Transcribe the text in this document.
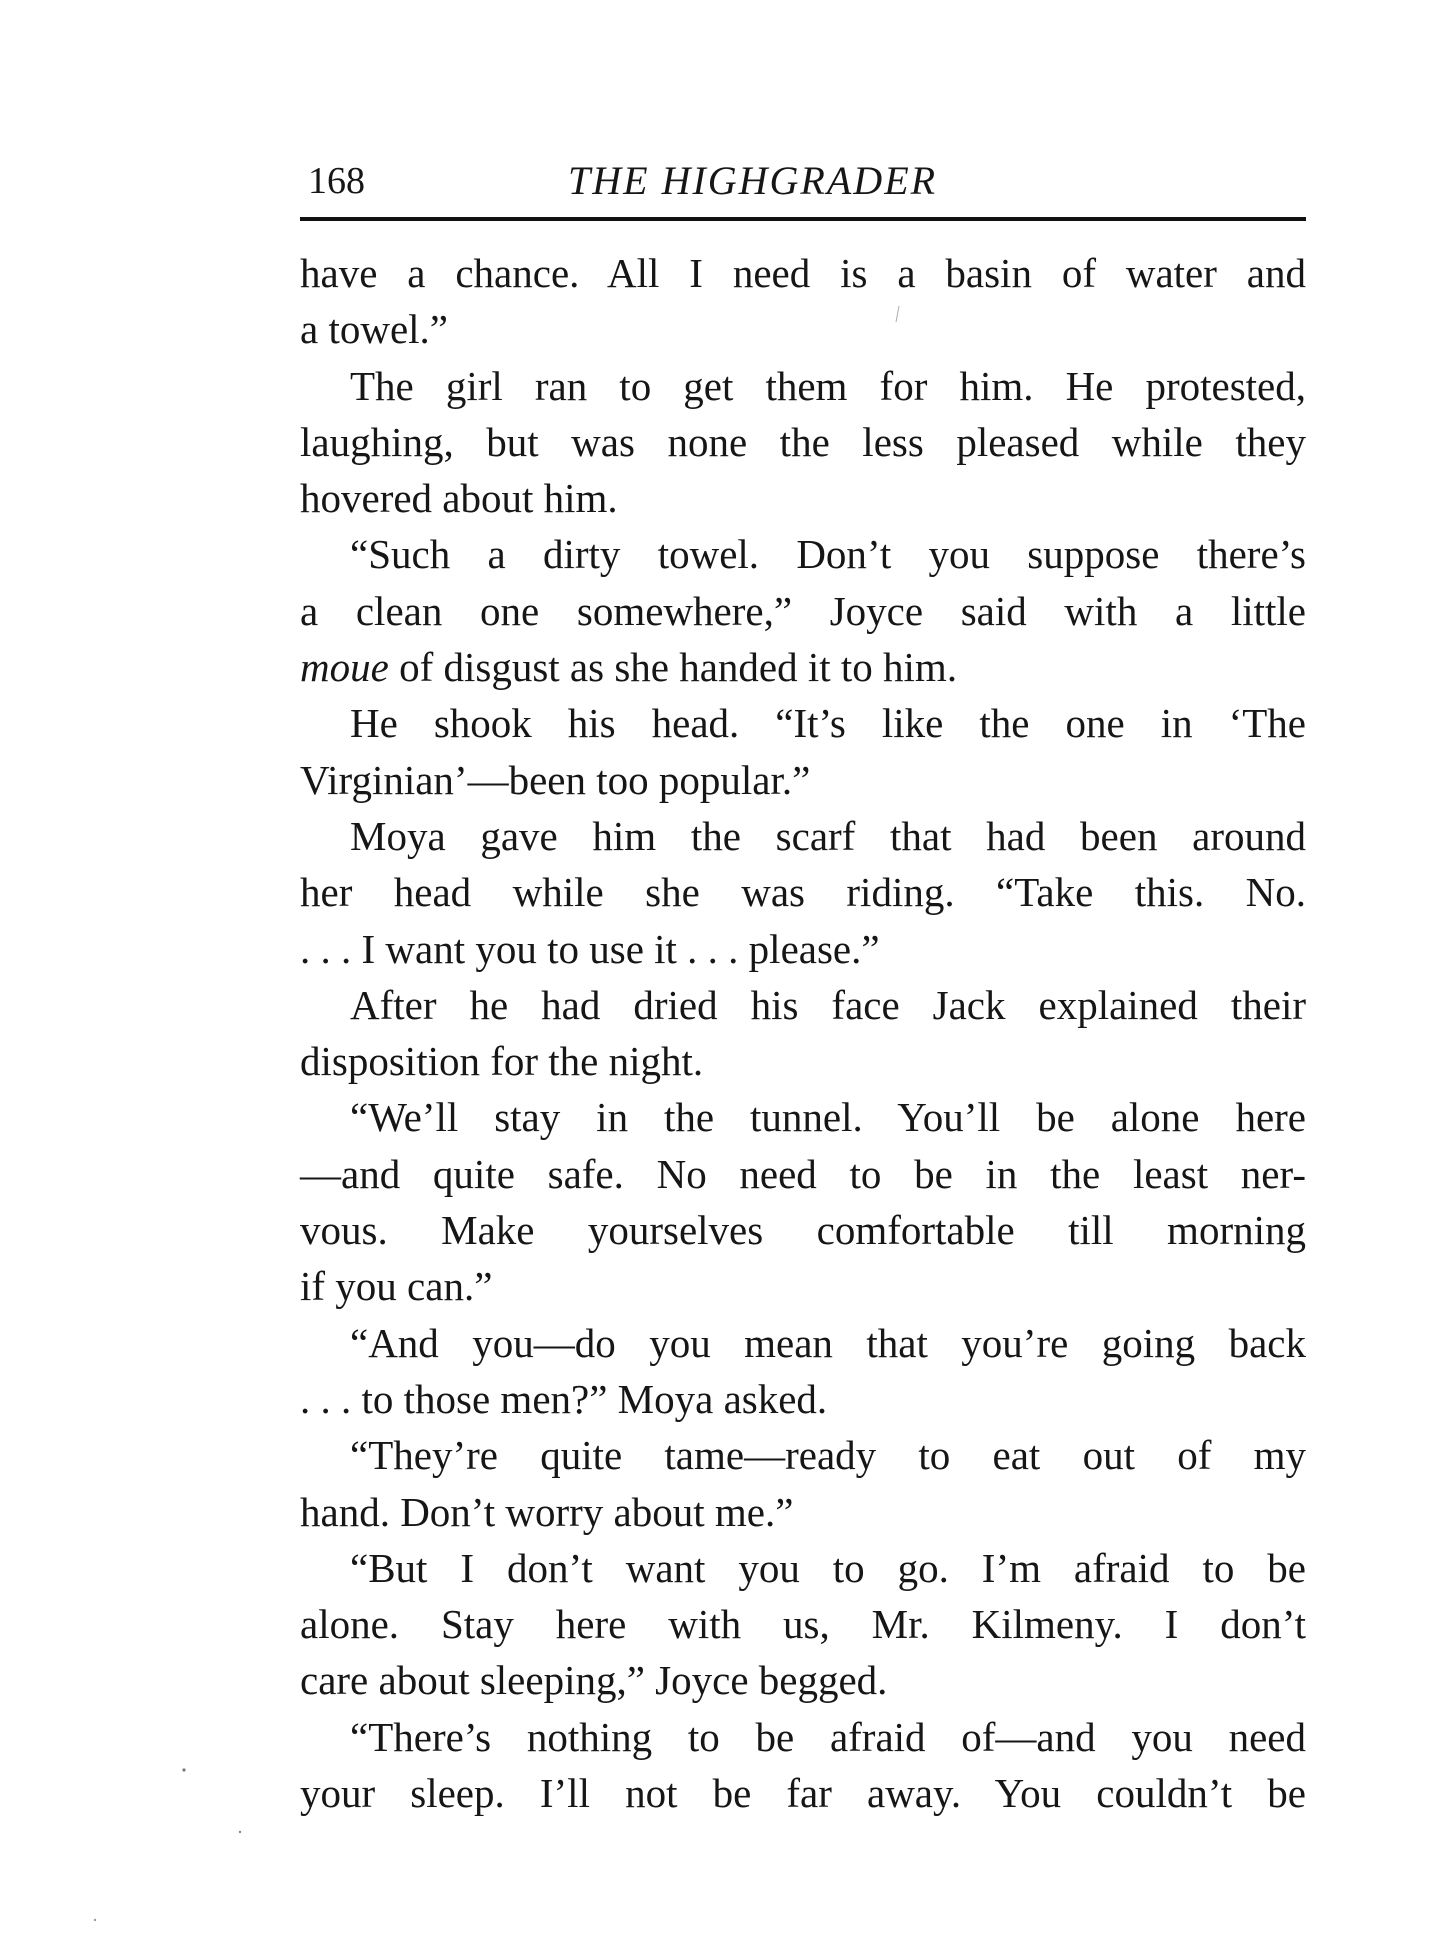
168	THE HIGHGRADER
have a chance. All I need is a basin of water and
a towel.”
The girl ran to get them for him. He protested,
laughing, but was none the less pleased while they
hovered about him.
“Such a dirty towel. Don’t you suppose there’s
a clean one somewhere,” Joyce said with a little
moue of disgust as she handed it to him.
He shook his head. “It’s like the one in ‘The
Virginian’—been too popular.”
Moya gave him the scarf that had been around
her head while she was riding. “Take this. No.
. . . I want you to use it . . . please.”
After he had dried his face Jack explained their
disposition for the night.
“We’ll stay in the tunnel. You’ll be alone here
—and quite safe. No need to be in the least ner-
vous. Make yourselves comfortable till morning
if you can.”
“And you—do you mean that you’re going back
. . . to those men?” Moya asked.
“They’re quite tame—ready to eat out of my
hand. Don’t worry about me.”
“But I don’t want you to go. I’m afraid to be
alone. Stay here with us, Mr. Kilmeny. I don’t
care about sleeping,” Joyce begged.
“There’s nothing to be afraid of—and you need
your sleep. I’ll not be far away. You couldn’t be
